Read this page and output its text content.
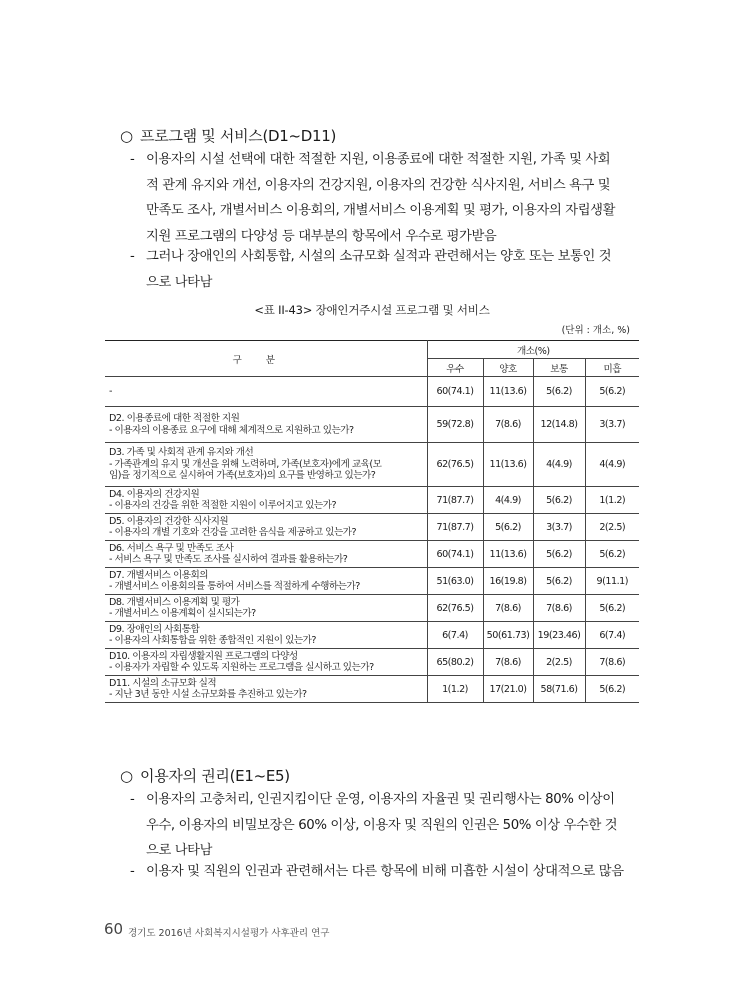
○ 프로그램 및 서비스(D1~D11)
- 이용자의 시설 선택에 대한 적절한 지원, 이용종료에 대한 적절한 지원, 가족 및 사회
적 관계 유지와 개선, 이용자의 건강지원, 이용자의 건강한 식사지원, 서비스 욕구 및
만족도 조사, 개별서비스 이용회의, 개별서비스 이용계획 및 평가, 이용자의 자립생활
지원 프로그램의 다양성 등 대부분의 항목에서 우수로 평가받음
- 그러나 장애인의 사회통합, 시설의 소규모화 실적과 관련해서는 양호 또는 보통인 것
으로 나타남
<표 II-43> 장애인거주시설 프로그램 및 서비스
(단위 : 개소, %)
구분	개소(%)			
	우수	양호	보통	미흡

-	60(74.1)	11(13.6)	5(6.2)	5(6.2)

D2. 이용종료에 대한 적절한 지원
- 이용자의 이용종료 요구에 대해 체계적으로 지원하고 있는가?	59(72.8)	7(8.6)	12(14.8)	3(3.7)

D3. 가족 및 사회적 관계 유지와 개선
- 가족관계의 유지 및 개선을 위해 노력하며, 가족(보호자)에게 교육(모
임)을 정기적으로 실시하여 가족(보호자)의 요구를 반영하고 있는가?	62(76.5)	11(13.6)	4(4.9)	4(4.9)

D4. 이용자의 건강지원
- 이용자의 건강을 위한 적절한 지원이 이루어지고 있는가?	71(87.7)	4(4.9)	5(6.2)	1(1.2)

D5. 이용자의 건강한 식사지원
- 이용자의 개별 기호와 건강을 고려한 음식을 제공하고 있는가?	71(87.7)	5(6.2)	3(3.7)	2(2.5)

D6. 서비스 욕구 및 만족도 조사
- 서비스 욕구 및 만족도 조사를 실시하여 결과를 활용하는가?	60(74.1)	11(13.6)	5(6.2)	5(6.2)

D7. 개별서비스 이용회의
- 개별서비스 이용회의를 통하여 서비스를 적절하게 수행하는가?	51(63.0)	16(19.8)	5(6.2)	9(11.1)

D8. 개별서비스 이용계획 및 평가
- 개별서비스 이용계획이 실시되는가?	62(76.5)	7(8.6)	7(8.6)	5(6.2)

D9. 장애인의 사회통합
- 이용자의 사회통합을 위한 종합적인 지원이 있는가?	6(7.4)	50(61.73)	19(23.46)	6(7.4)

D10. 이용자의 자립생활지원 프로그램의 다양성
- 이용자가 자립할 수 있도록 지원하는 프로그램을 실시하고 있는가?	65(80.2)	7(8.6)	2(2.5)	7(8.6)

D11. 시설의 소규모화 실적
- 지난 3년 동안 시설 소규모화를 추진하고 있는가?	1(1.2)	17(21.0)	58(71.6)	5(6.2)
○ 이용자의 권리(E1~E5)
- 이용자의 고충처리, 인권지킴이단 운영, 이용자의 자율권 및 권리행사는 80% 이상이
우수, 이용자의 비밀보장은 60% 이상, 이용자 및 직원의 인권은 50% 이상 우수한 것
으로 나타남
- 이용자 및 직원의 인권과 관련해서는 다른 항목에 비해 미흡한 시설이 상대적으로 많음
60 경기도 2016년 사회복지시설평가 사후관리 연구
